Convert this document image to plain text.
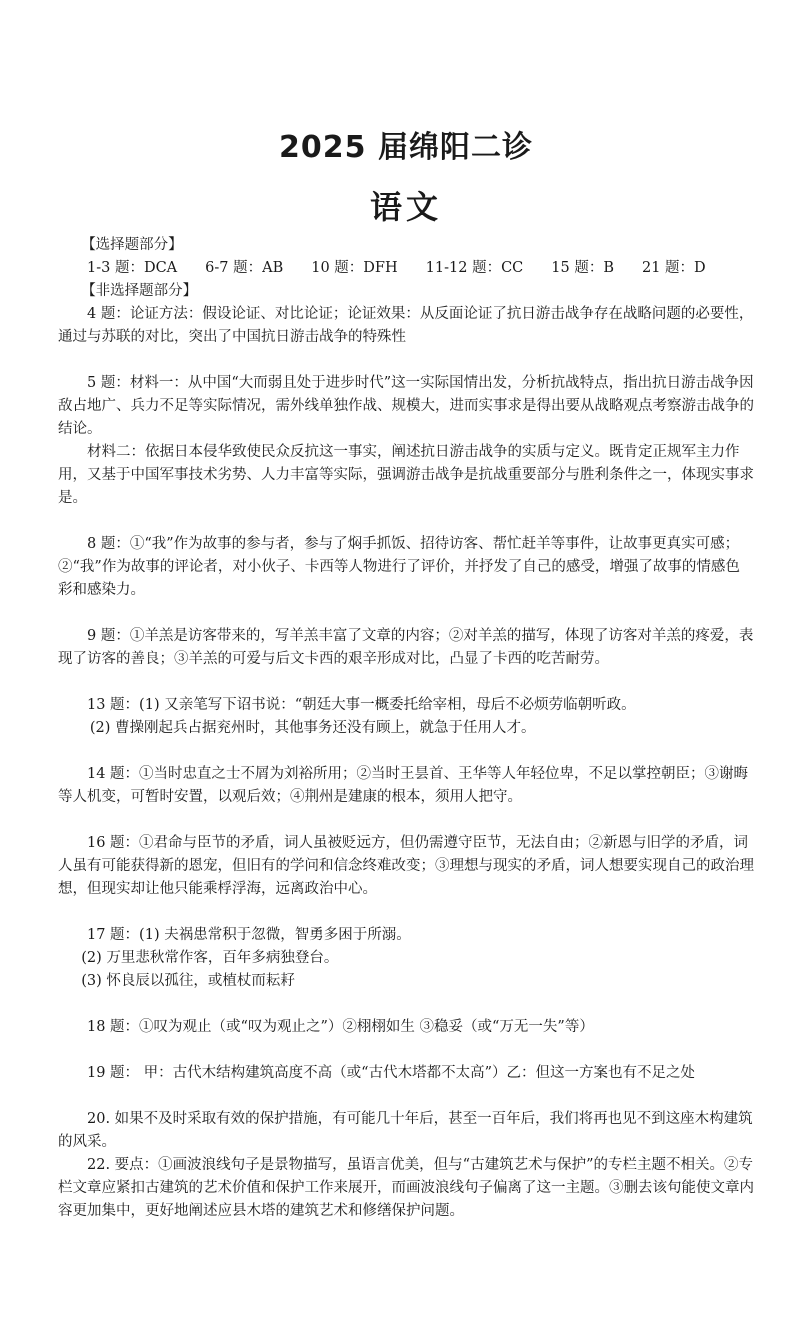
2025 届绵阳二诊
语文

【选择题部分】

1-3 题：DCA 6-7 题：AB 10 题：DFH 11-12 题：CC 15 题：B 21 题：D

【非选择题部分】

4 题：论证方法：假设论证、对比论证；论证效果：从反面论证了抗日游击战争存在战略问题的必要性，通过与苏联的对比，突出了中国抗日游击战争的特殊性

5 题：材料一：从中国“大而弱且处于进步时代”这一实际国情出发，分析抗战特点，指出抗日游击战争因敌占地广、兵力不足等实际情况，需外线单独作战、规模大，进而实事求是得出要从战略观点考察游击战争的结论。

材料二：依据日本侵华致使民众反抗这一事实，阐述抗日游击战争的实质与定义。既肯定正规军主力作用，又基于中国军事技术劣势、人力丰富等实际，强调游击战争是抗战重要部分与胜利条件之一，体现实事求是。

8 题：①“我”作为故事的参与者，参与了焖手抓饭、招待访客、帮忙赶羊等事件，让故事更真实可感；②“我”作为故事的评论者，对小伙子、卡西等人物进行了评价，并抒发了自己的感受，增强了故事的情感色彩和感染力。

9 题：①羊羔是访客带来的，写羊羔丰富了文章的内容；②对羊羔的描写，体现了访客对羊羔的疼爱，表现了访客的善良；③羊羔的可爱与后文卡西的艰辛形成对比，凸显了卡西的吃苦耐劳。

13 题：(1) 又亲笔写下诏书说：“朝廷大事一概委托给宰相，母后不必烦劳临朝听政。

(2) 曹操刚起兵占据兖州时，其他事务还没有顾上，就急于任用人才。

14 题：①当时忠直之士不屑为刘裕所用；②当时王昙首、王华等人年轻位卑，不足以掌控朝臣；③谢晦等人机变，可暂时安置，以观后效；④荆州是建康的根本，须用人把守。

16 题：①君命与臣节的矛盾，词人虽被贬远方，但仍需遵守臣节，无法自由；②新恩与旧学的矛盾，词人虽有可能获得新的恩宠，但旧有的学问和信念终难改变；③理想与现实的矛盾，词人想要实现自己的政治理想，但现实却让他只能乘桴浮海，远离政治中心。

17 题：(1) 夫祸患常积于忽微，智勇多困于所溺。

(2) 万里悲秋常作客，百年多病独登台。

(3) 怀良辰以孤往，或植杖而耘耔

18 题：①叹为观止（或“叹为观止之”）②栩栩如生 ③稳妥（或“万无一失”等）

19 题： 甲：古代木结构建筑高度不高（或“古代木塔都不太高”）乙：但这一方案也有不足之处

20. 如果不及时采取有效的保护措施，有可能几十年后，甚至一百年后，我们将再也见不到这座木构建筑的风采。

22. 要点：①画波浪线句子是景物描写，虽语言优美，但与“古建筑艺术与保护”的专栏主题不相关。②专栏文章应紧扣古建筑的艺术价值和保护工作来展开，而画波浪线句子偏离了这一主题。③删去该句能使文章内容更加集中，更好地阐述应县木塔的建筑艺术和修缮保护问题。
